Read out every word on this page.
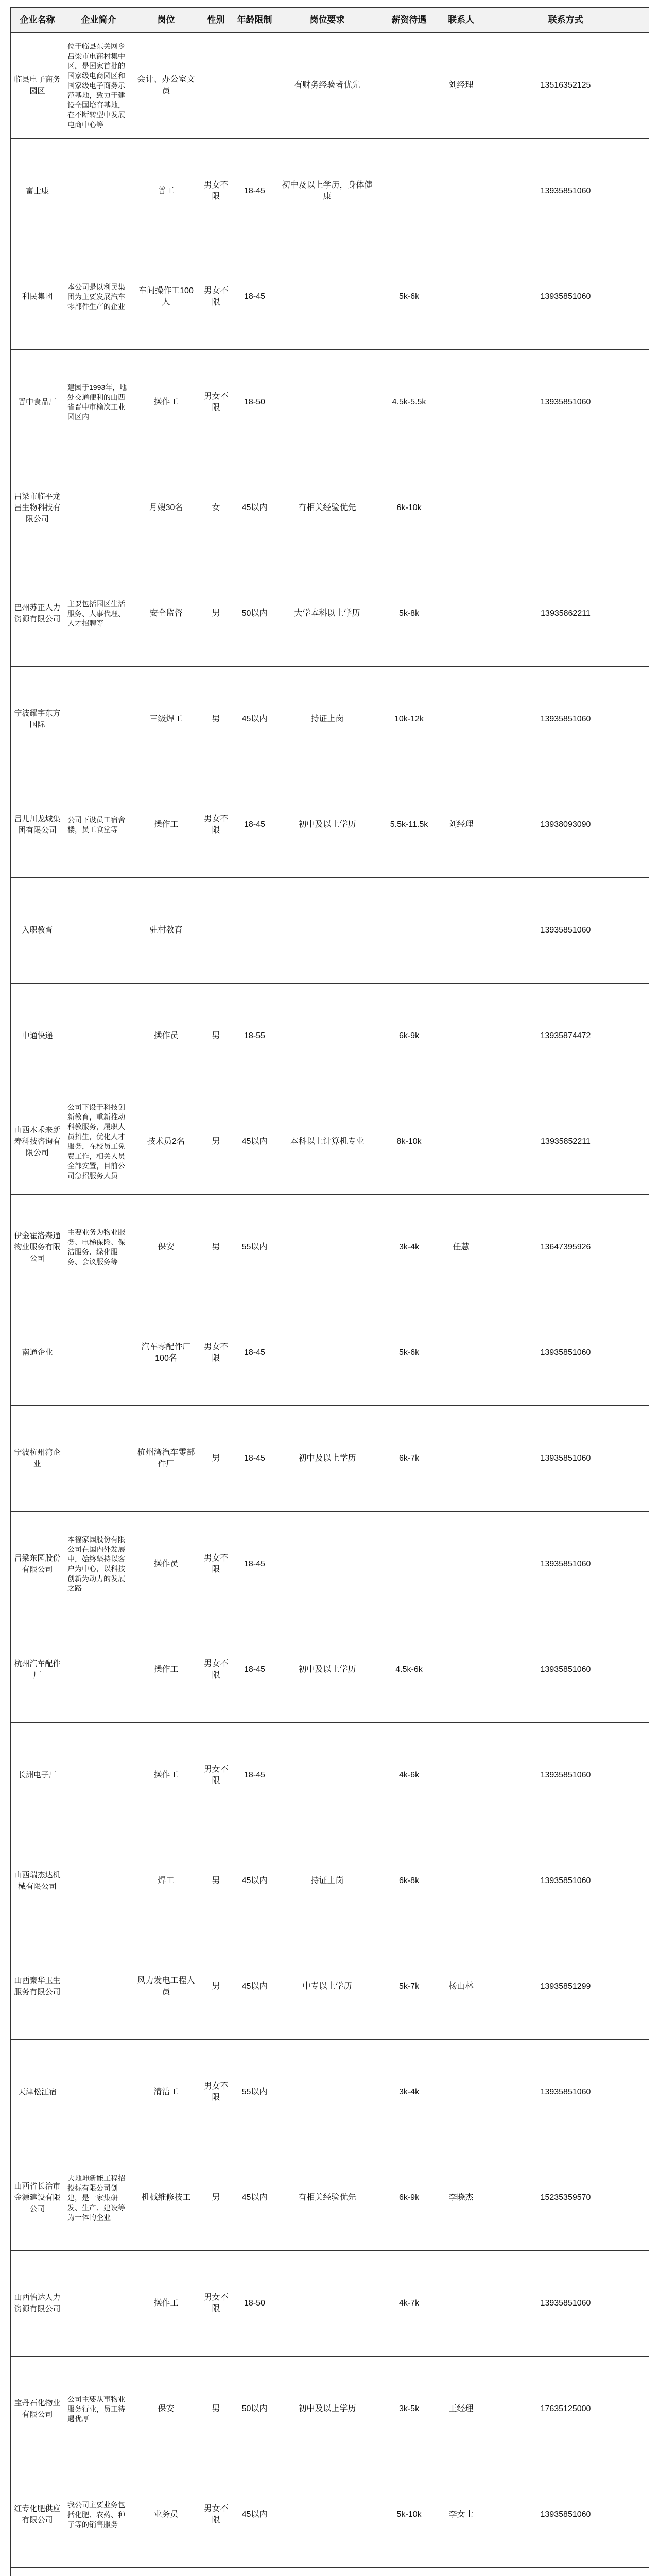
企业名称	企业简介	岗位	性别	年龄限制	岗位要求	薪资待遇	联系人	联系方式
临县电子商务园区	位于临县东关网乡吕梁市电商村集中区，是国家首批的国家级电商园区和国家级电子商务示范基地，致力于建设全国培育基地，在不断转型中发展电商中心等	会计、办公室文员			有财务经验者优先		刘经理	13516352125
富士康		普工	男女不限	18-45	初中及以上学历，身体健康			13935851060
利民集团	本公司是以利民集团为主要发展汽车零部件生产的企业	车间操作工100人	男女不限	18-45		5k-6k		13935851060
晋中食品厂	建园于1993年，地处交通便利的山西省晋中市榆次工业园区内	操作工	男女不限	18-50		4.5k-5.5k		13935851060
吕梁市临平龙昌生物科技有限公司		月嫂30名	女	45以内	有相关经验优先	6k-10k		
巴州苏正人力资源有限公司	主要包括园区生活服务、人事代理、人才招聘等	安全监督	男	50以内	大学本科以上学历	5k-8k		13935862211
宁波耀宇东方国际		三级焊工	男	45以内	持证上岗	10k-12k		13935851060
吕儿川龙城集团有限公司	公司下设员工宿舍楼，员工食堂等	操作工	男女不限	18-45	初中及以上学历	5.5k-11.5k	刘经理	13938093090
入职教育		驻村教育						13935851060
中通快递		操作员	男	18-55		6k-9k		13935874472
山西木禾来新寿科技咨询有限公司	公司下设于科技创新教育，重新推动科教服务，履职人员招生，优化人才服务，在校员工免费工作，相关人员全部安置，目前公司急招服务人员	技术员2名	男	45以内	本科以上计算机专业	8k-10k		13935852211
伊金霍洛森通物业服务有限公司	主要业务为物业服务、电梯保险、保洁服务、绿化服务、会议服务等	保安	男	55以内		3k-4k	任慧	13647395926
南通企业		汽车零配件厂100名	男女不限	18-45		5k-6k		13935851060
宁波杭州湾企业		杭州湾汽车零部件厂	男	18-45	初中及以上学历	6k-7k		13935851060
吕梁东园股份有限公司	本福家园股份有限公司在国内外发展中，始终坚持以客户为中心，以科技创新为动力的发展之路	操作员	男女不限	18-45				13935851060
杭州汽车配件厂		操作工	男女不限	18-45	初中及以上学历	4.5k-6k		13935851060
长洲电子厂		操作工	男女不限	18-45		4k-6k		13935851060
山西瑞杰达机械有限公司		焊工	男	45以内	持证上岗	6k-8k		13935851060
山西秦华卫生服务有限公司		风力发电工程人员	男	45以内	中专以上学历	5k-7k	杨山林	13935851299
天津松江宿		清洁工	男女不限	55以内		3k-4k		13935851060
山西省长治市金源建设有限公司	大地坤新能工程招投标有限公司创建，是一家集研发、生产、建设等为一体的企业	机械维修技工	男	45以内	有相关经验优先	6k-9k	李晓杰	15235359570
山西怡达人力资源有限公司		操作工	男女不限	18-50		4k-7k		13935851060
宝丹石化物业有限公司	公司主要从事物业服务行业，员工待遇优厚	保安	男	50以内	初中及以上学历	3k-5k	王经理	17635125000
红专化肥供应有限公司	我公司主要业务包括化肥、农药、种子等的销售服务	业务员	男女不限	45以内		5k-10k	李女士	13935851060
